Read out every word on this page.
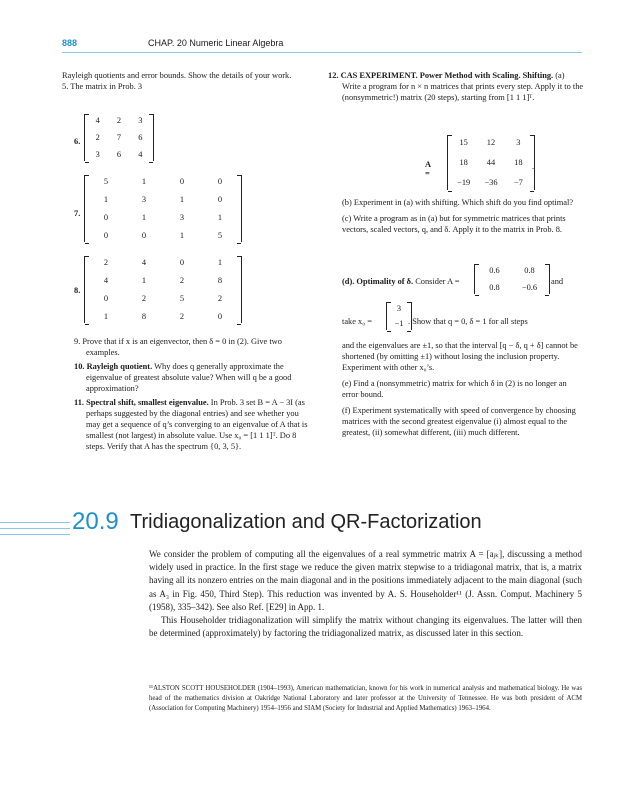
888	CHAP. 20 Numeric Linear Algebra

Rayleigh quotients and error bounds. Show the details of your work.

5. The matrix in Prob. 3

6.
4	2	3
2	7	6
3	6	4
7.
5	1	0	0
1	3	1	0
0	1	3	1
0	0	1	5
8.
2	4	0	1
4	1	2	8
0	2	5	2
1	8	2	0

9. Prove that if x is an eigenvector, then δ = 0 in (2). Give two examples.

10. Rayleigh quotient. Why does q generally approximate the eigenvalue of greatest absolute value? When will q be a good approximation?

11. Spectral shift, smallest eigenvalue. In Prob. 3 set B = A − 3I (as perhaps suggested by the diagonal entries) and see whether you may get a sequence of q’s converging to an eigenvalue of A that is smallest (not largest) in absolute value. Use x₀ = [1 1 1]ᵀ. Do 8 steps. Verify that A has the spectrum {0, 3, 5}.

12. CAS EXPERIMENT. Power Method with Scaling. Shifting. (a) Write a program for n × n matrices that prints every step. Apply it to the (nonsymmetric!) matrix (20 steps), starting from [1 1 1]ᵀ.

A =
15	12	3
18	44	18
−19	−36	−7
.

(b) Experiment in (a) with shifting. Which shift do you find optimal?

(c) Write a program as in (a) but for symmetric matrices that prints vectors, scaled vectors, q, and δ. Apply it to the matrix in Prob. 8.

(d). Optimality of δ. Consider A =
0.6	0.8
0.8	−0.6
and
take x₀ =
3
−1 . Show that q = 0, δ = 1 for all steps

and the eigenvalues are ±1, so that the interval [q − δ, q + δ] cannot be shortened (by omitting ±1) without losing the inclusion property. Experiment with other x₀’s.

(e) Find a (nonsymmetric) matrix for which δ in (2) is no longer an error bound.

(f) Experiment systematically with speed of convergence by choosing matrices with the second greatest eigenvalue (i) almost equal to the greatest, (ii) somewhat different, (iii) much different.

20.9 Tridiagonalization and QR-Factorization

We consider the problem of computing all the eigenvalues of a real symmetric matrix A = [aⱼₖ], discussing a method widely used in practice. In the first stage we reduce the given matrix stepwise to a tridiagonal matrix, that is, a matrix having all its nonzero entries on the main diagonal and in the positions immediately adjacent to the main diagonal (such as A₃ in Fig. 450, Third Step). This reduction was invented by A. S. Householder¹¹ (J. Assn. Comput. Machinery 5 (1958), 335–342). See also Ref. [E29] in App. 1.

This Householder tridiagonalization will simplify the matrix without changing its eigenvalues. The latter will then be determined (approximately) by factoring the tridiagonalized matrix, as discussed later in this section.

¹¹ALSTON SCOTT HOUSEHOLDER (1904–1993), American mathematician, known for his work in numerical analysis and mathematical biology. He was head of the mathematics division at Oakridge National Laboratory and later professor at the University of Tennessee. He was both president of ACM (Association for Computing Machinery) 1954–1956 and SIAM (Society for Industrial and Applied Mathematics) 1963–1964.
